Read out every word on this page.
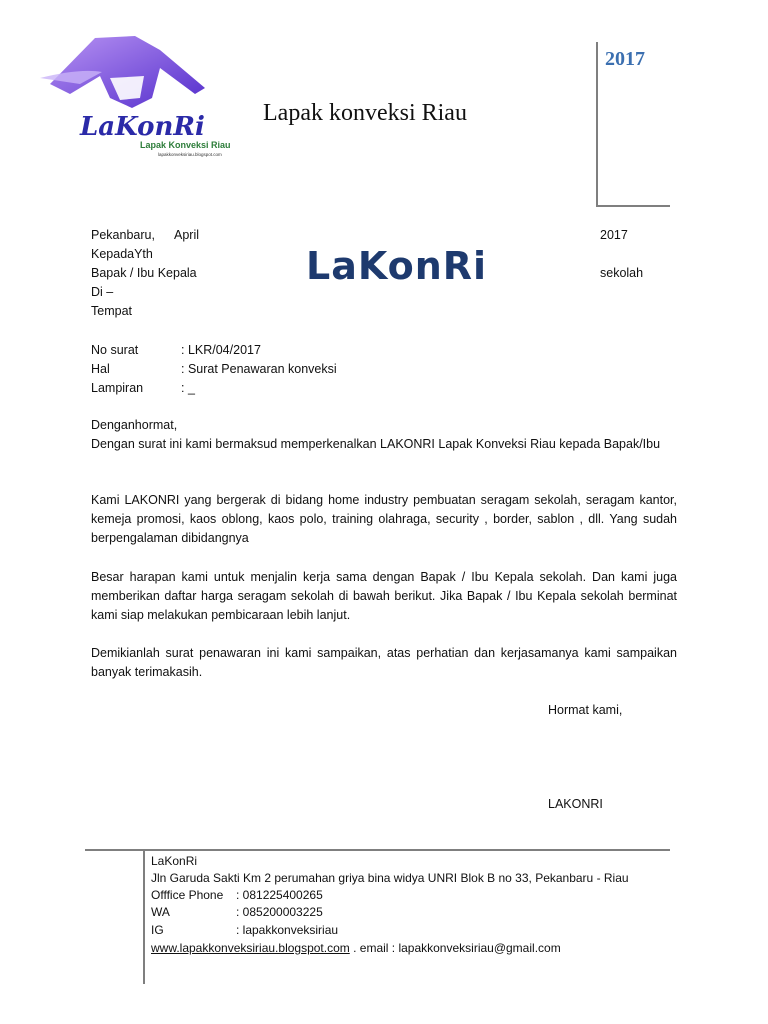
LaKonRi
Lapak Konveksi Riau
lapakkonveksiriau.blogspot.com
Lapak konveksi Riau
2017
Pekanbaru, April	2017
KepadaYth
Bapak / Ibu Kepala	sekolah
Di –
Tempat
LaKonRi
No surat	: LKR/04/2017
Hal	: Surat Penawaran konveksi
Lampiran	: _
Denganhormat,
Dengan surat ini kami bermaksud memperkenalkan LAKONRI Lapak Konveksi Riau kepada Bapak/Ibu
Kami LAKONRI yang bergerak di bidang home industry pembuatan seragam sekolah, seragam kantor, kemeja promosi, kaos oblong, kaos polo, training olahraga, security , border, sablon , dll. Yang sudah berpengalaman dibidangnya
Besar harapan kami untuk menjalin kerja sama dengan Bapak / Ibu Kepala sekolah. Dan kami juga memberikan daftar harga seragam sekolah di bawah berikut. Jika Bapak / Ibu Kepala sekolah berminat kami siap melakukan pembicaraan lebih lanjut.
Demikianlah surat penawaran ini kami sampaikan, atas perhatian dan kerjasamanya kami sampaikan banyak terimakasih.
Hormat kami,
LAKONRI
LaKonRi
Jln Garuda Sakti Km 2 perumahan griya bina widya UNRI Blok B no 33, Pekanbaru - Riau
Offfice Phone : 081225400265
WA	: 085200003225
IG	: lapakkonveksiriau
www.lapakkonveksiriau.blogspot.com . email : lapakkonveksiriau@gmail.com
